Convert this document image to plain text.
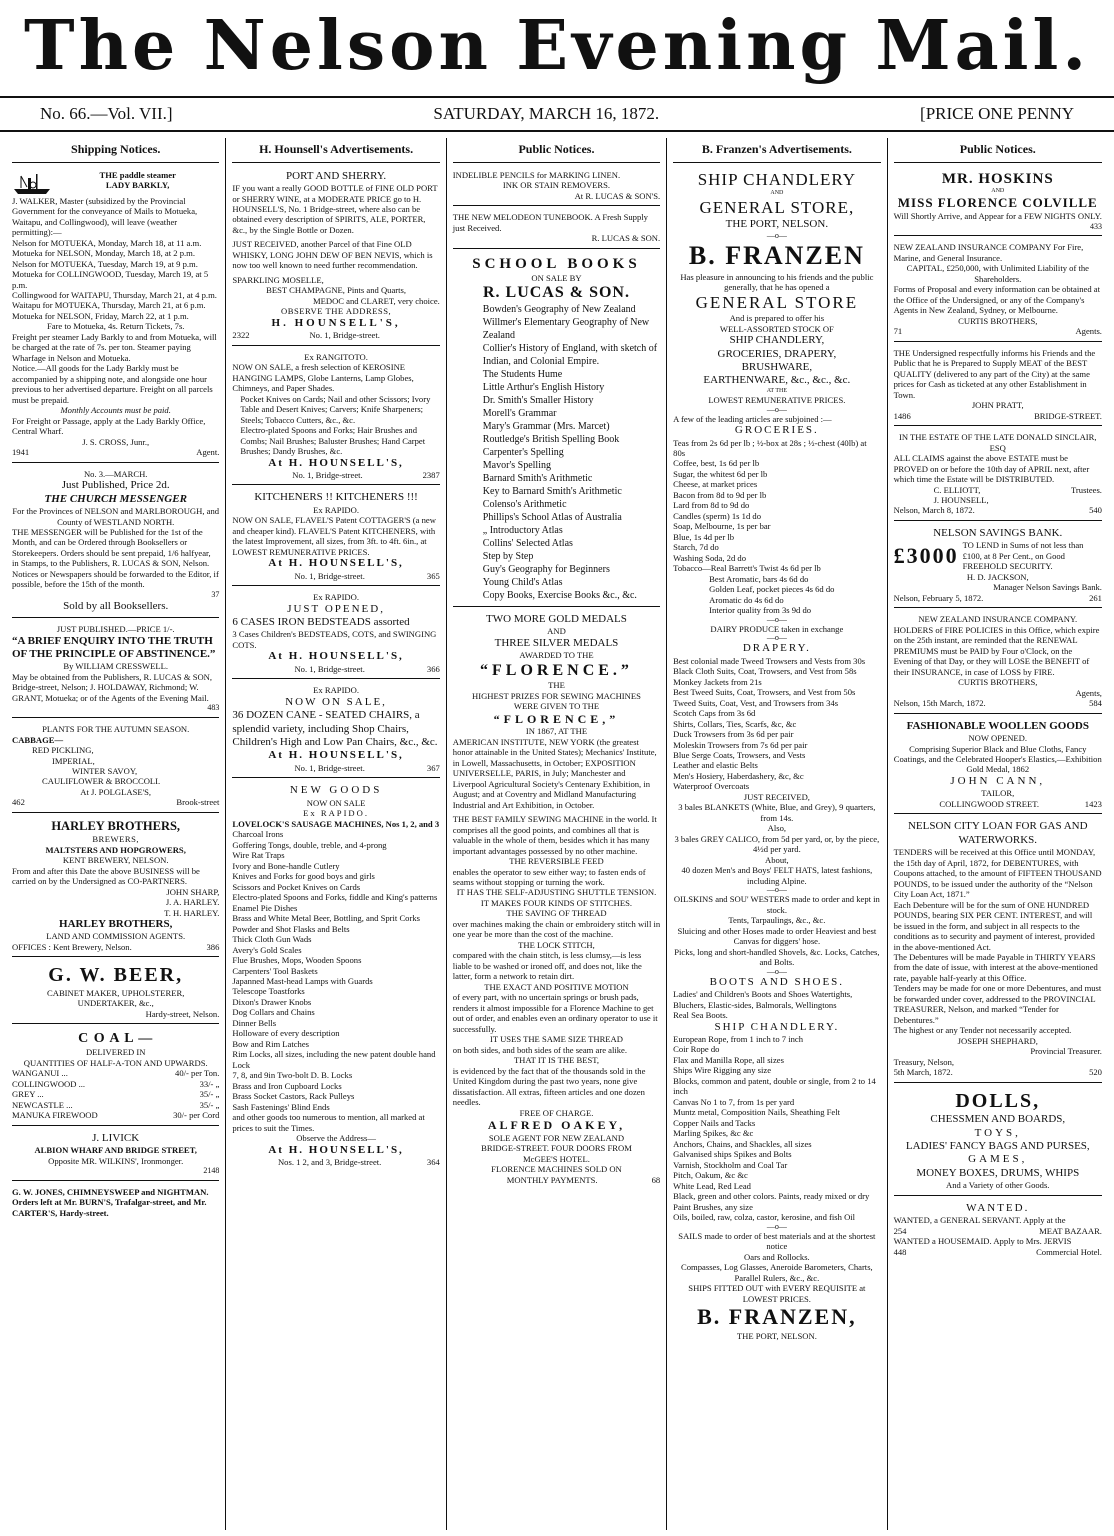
The Nelson Evening Mail.
No. 66.—Vol. VII.]	SATURDAY, MARCH 16, 1872.	[PRICE ONE PENNY
Shipping Notices.
THE paddle steamer
LADY BARKLY,
J. WALKER, Master (subsidized by the Provincial Government for the conveyance of Mails to Motueka, Waitapu, and Collingwood), will leave (weather permitting):—
Nelson for MOTUEKA, Monday, March 18, at 11 a.m.
Motueka for NELSON, Monday, March 18, at 2 p.m.
Nelson for MOTUEKA, Tuesday, March 19, at 9 p.m.
Motueka for COLLINGWOOD, Tuesday, March 19, at 5 p.m.
Collingwood for WAITAPU, Thursday, March 21, at 4 p.m.
Waitapu for MOTUEKA, Thursday, March 21, at 6 p.m.
Motueka for NELSON, Friday, March 22, at 1 p.m.
Fare to Motueka, 4s. Return Tickets, 7s.
Freight per steamer Lady Barkly to and from Motueka, will be charged at the rate of 7s. per ton. Steamer paying Wharfage in Nelson and Motueka.
Notice.—All goods for the Lady Barkly must be accompanied by a shipping note, and alongside one hour previous to her advertised departure. Freight on all parcels must be prepaid.
Monthly Accounts must be paid.
For Freight or Passage, apply at the Lady Barkly Office, Central Wharf.
J. S. CROSS, Junr.,
1941	Agent.
No. 3.—MARCH.
Just Published, Price 2d.
THE CHURCH MESSENGER
For the Provinces of NELSON and MARLBOROUGH, and County of WESTLAND NORTH.
THE MESSENGER will be Published for the 1st of the Month, and can be Ordered through Booksellers or Storekeepers. Orders should be sent prepaid, 1/6 halfyear, in Stamps, to the Publishers, R. LUCAS & SON, Nelson. Notices or Newspapers should be forwarded to the Editor, if possible, before the 15th of the month.
37
Sold by all Booksellers.
JUST PUBLISHED.—PRICE 1/-.
“A BRIEF ENQUIRY INTO THE TRUTH OF THE PRINCIPLE OF ABSTINENCE.”
By WILLIAM CRESSWELL.
May be obtained from the Publishers, R. LUCAS & SON, Bridge-street, Nelson; J. HOLDAWAY, Richmond; W. GRANT, Motueka; or of the Agents of the Evening Mail.
483
PLANTS FOR THE AUTUMN SEASON.
CABBAGE—
RED PICKLING,
IMPERIAL,
WINTER SAVOY,
CAULIFLOWER & BROCCOLI.
At J. POLGLASE'S,
462	Brook-street
HARLEY BROTHERS,
BREWERS,
MALTSTERS AND HOPGROWERS,
KENT BREWERY, NELSON.
From and after this Date the above BUSINESS will be carried on by the Undersigned as CO-PARTNERS.
JOHN SHARP,
J. A. HARLEY.
T. H. HARLEY.
HARLEY BROTHERS,
LAND AND COMMISSION AGENTS.
OFFICES : Kent Brewery, Nelson.	386
G. W. BEER,
CABINET MAKER, UPHOLSTERER,
UNDERTAKER, &c.,
Hardy-street, Nelson.
C O A L —
DELIVERED IN
QUANTITIES OF HALF-A-TON AND UPWARDS.
WANGANUI ...	40/- per Ton.
COLLINGWOOD ...	33/- „
GREY ...	35/- „
NEWCASTLE ...	35/- „
MANUKA FIREWOOD	30/- per Cord
J. LIVICK
ALBION WHARF AND BRIDGE STREET,
Opposite MR. WILKINS', Ironmonger.
2148
G. W. JONES, CHIMNEYSWEEP and NIGHTMAN. Orders left at Mr. BURN'S, Trafalgar-street, and Mr. CARTER'S, Hardy-street.
H. Hounsell's Advertisements.
PORT AND SHERRY.
IF you want a really GOOD BOTTLE of FINE OLD PORT or SHERRY WINE, at a MODERATE PRICE go to H. HOUNSELL'S, No. 1 Bridge-street, where also can be obtained every description of SPIRITS, ALE, PORTER, &c., by the Single Bottle or Dozen.
JUST RECEIVED, another Parcel of that Fine OLD WHISKY, LONG JOHN DEW OF BEN NEVIS, which is now too well known to need further recommendation.
SPARKLING MOSELLE,
BEST CHAMPAGNE, Pints and Quarts,
MEDOC and CLARET, very choice.
OBSERVE THE ADDRESS,
H. HOUNSELL'S,
2322	No. 1, Bridge-street.
Ex RANGITOTO.
NOW ON SALE, a fresh selection of KEROSINE HANGING LAMPS, Globe Lanterns, Lamp Globes, Chimneys, and Paper Shades.
Pocket Knives on Cards; Nail and other Scissors; Ivory Table and Desert Knives; Carvers; Knife Sharpeners; Steels; Tobacco Cutters, &c., &c.
Electro-plated Spoons and Forks; Hair Brushes and Combs; Nail Brushes; Baluster Brushes; Hand Carpet Brushes; Dandy Brushes, &c.
At H. HOUNSELL'S,
No. 1, Bridge-street.	2387
KITCHENERS !! KITCHENERS !!!
Ex RAPIDO.
NOW ON SALE, FLAVEL'S Patent COTTAGER'S (a new and cheaper kind). FLAVEL'S Patent KITCHENERS, with the latest Improvement, all sizes, from 3ft. to 4ft. 6in., at LOWEST REMUNERATIVE PRICES.
At H. HOUNSELL'S,
No. 1, Bridge-street.	365
Ex RAPIDO.
JUST OPENED,
6 CASES IRON BEDSTEADS assorted
3 Cases Children's BEDSTEADS, COTS, and SWINGING COTS.
At H. HOUNSELL'S,
No. 1, Bridge-street.	366
Ex RAPIDO.
NOW ON SALE,
36 DOZEN CANE - SEATED CHAIRS, a splendid variety, including Shop Chairs, Children's High and Low Pan Chairs, &c., &c.
At H. HOUNSELL'S,
No. 1, Bridge-street.	367
NEW GOODS
NOW ON SALE
Ex RAPIDO.
LOVELOCK'S SAUSAGE MACHINES, Nos 1, 2, and 3
Charcoal Irons
Goffering Tongs, double, treble, and 4-prong
Wire Rat Traps
Ivory and Bone-handle Cutlery
Knives and Forks for good boys and girls
Scissors and Pocket Knives on Cards
Electro-plated Spoons and Forks, fiddle and King's patterns
Enamel Pie Dishes
Brass and White Metal Beer, Bottling, and Sprit Corks
Powder and Shot Flasks and Belts
Thick Cloth Gun Wads
Avery's Gold Scales
Flue Brushes, Mops, Wooden Spoons
Carpenters' Tool Baskets
Japanned Mast-head Lamps with Guards
Telescope Toastforks
Dixon's Drawer Knobs
Dog Collars and Chains
Dinner Bells
Holloware of every description
Bow and Rim Latches
Rim Locks, all sizes, including the new patent double hand Lock
7, 8, and 9in Two-bolt D. B. Locks
Brass and Iron Cupboard Locks
Brass Socket Castors, Rack Pulleys
Sash Fastenings' Blind Ends
and other goods too numerous to mention, all marked at prices to suit the Times.
Observe the Address—
At H. HOUNSELL'S,
Nos. 1 2, and 3, Bridge-street.	364
Public Notices.
INDELIBLE PENCILS for MARKING LINEN.
INK OR STAIN REMOVERS.
At R. LUCAS & SON'S.
THE NEW MELODEON TUNEBOOK. A Fresh Supply just Received.
R. LUCAS & SON.
SCHOOL BOOKS
ON SALE BY
R. LUCAS & SON.
Bowden's Geography of New Zealand
Willmer's Elementary Geography of New Zealand
Collier's History of England, with sketch of Indian, and Colonial Empire.
The Students Hume
Little Arthur's English History
Dr. Smith's Smaller History
Morell's Grammar
Mary's Grammar (Mrs. Marcet)
Routledge's British Spelling Book
Carpenter's Spelling
Mavor's Spelling
Barnard Smith's Arithmetic
Key to Barnard Smith's Arithmetic
Colenso's Arithmetic
Phillips's School Atlas of Australia
„ Introductory Atlas
Collins' Selected Atlas
Step by Step
Guy's Geography for Beginners
Young Child's Atlas
Copy Books, Exercise Books &c., &c.
TWO MORE GOLD MEDALS
AND
THREE SILVER MEDALS
AWARDED TO THE
“FLORENCE.”
THE
HIGHEST PRIZES FOR SEWING MACHINES
WERE GIVEN TO THE
“FLORENCE,”
IN 1867, AT THE
AMERICAN INSTITUTE, NEW YORK (the greatest honor attainable in the United States); Mechanics' Institute, in Lowell, Massachusetts, in October; EXPOSITION UNIVERSELLE, PARIS, in July; Manchester and Liverpool Agricultural Society's Centenary Exhibition, in August; and at Coventry and Midland Manufacturing Industrial and Art Exhibition, in October.
THE BEST FAMILY SEWING MACHINE in the world. It comprises all the good points, and combines all that is valuable in the whole of them, besides which it has many important advantages possessed by no other machine.
THE REVERSIBLE FEED
enables the operator to sew either way; to fasten ends of seams without stopping or turning the work.
IT HAS THE SELF-ADJUSTING SHUTTLE TENSION.
IT MAKES FOUR KINDS OF STITCHES.
THE SAVING OF THREAD
over machines making the chain or embroidery stitch will in one year be more than the cost of the machine.
THE LOCK STITCH,
compared with the chain stitch, is less clumsy,—is less liable to be washed or ironed off, and does not, like the latter, form a network to retain dirt.
THE EXACT AND POSITIVE MOTION
of every part, with no uncertain springs or brush pads, renders it almost impossible for a Florence Machine to get out of order, and enables even an ordinary operator to use it successfully.
IT USES THE SAME SIZE THREAD
on both sides, and both sides of the seam are alike.
THAT IT IS THE BEST,
is evidenced by the fact that of the thousands sold in the United Kingdom during the past two years, none give dissatisfaction. All extras, fifteen articles and one dozen needles.
FREE OF CHARGE.
ALFRED OAKEY,
SOLE AGENT FOR NEW ZEALAND
BRIDGE-STREET. FOUR DOORS FROM
McGEE'S HOTEL.
FLORENCE MACHINES SOLD ON
MONTHLY PAYMENTS.	68
B. Franzen's Advertisements.
SHIP CHANDLERY
AND
GENERAL STORE,
THE PORT, NELSON.
—o—
B. FRANZEN
Has pleasure in announcing to his friends and the public generally, that he has opened a
GENERAL STORE
And is prepared to offer his
WELL-ASSORTED STOCK OF
SHIP CHANDLERY,
GROCERIES, DRAPERY,
BRUSHWARE,
EARTHENWARE, &c., &c., &c.
AT THE
LOWEST REMUNERATIVE PRICES.
—o—
A few of the leading articles are subjoined :—
GROCERIES.
Teas from 2s 6d per lb ; ½-box at 28s ; ½-chest (40lb) at 80s
Coffee, best, 1s 6d per lb
Sugar, the whitest 6d per lb
Cheese, at market prices
Bacon from 8d to 9d per lb
Lard from 8d to 9d do
Candles (sperm) 1s 1d do
Soap, Melbourne, 1s per bar
Blue, 1s 4d per lb
Starch, 7d do
Washing Soda, 2d do
Tobacco—Real Barrett's Twist 4s 6d per lb
Best Aromatic, bars 4s 6d do
Golden Leaf, pocket pieces 4s 6d do
Aromatic do 4s 6d do
Interior quality from 3s 9d do
—o—
DAIRY PRODUCE taken in exchange
—o—
DRAPERY.
Best colonial made Tweed Trowsers and Vests from 30s
Black Cloth Suits, Coat, Trowsers, and Vest from 58s
Monkey Jackets from 21s
Best Tweed Suits, Coat, Trowsers, and Vest from 50s
Tweed Suits, Coat, Vest, and Trowsers from 34s
Scotch Caps from 3s 6d
Shirts, Collars, Ties, Scarfs, &c, &c
Duck Trowsers from 3s 6d per pair
Moleskin Trowsers from 7s 6d per pair
Blue Serge Coats, Trowsers, and Vests
Leather and elastic Belts
Men's Hosiery, Haberdashery, &c, &c
Waterproof Overcoats
JUST RECEIVED,
3 bales BLANKETS (White, Blue, and Grey), 9 quarters, from 14s.
Also,
3 bales GREY CALICO, from 5d per yard, or, by the piece, 4½d per yard.
About,
40 dozen Men's and Boys' FELT HATS, latest fashions, including Alpine.
—o—
OILSKINS and SOU' WESTERS made to order and kept in stock.
Tents, Tarpaulings, &c., &c.
Sluicing and other Hoses made to order Heaviest and best Canvas for diggers' hose.
Picks, long and short-handled Shovels, &c. Locks, Catches, and Bolts.
—o—
BOOTS AND SHOES.
Ladies' and Children's Boots and Shoes Watertights, Bluchers, Elastic-sides, Balmorals, Wellingtons
Real Sea Boots.
SHIP CHANDLERY.
European Rope, from 1 inch to 7 inch
Coir Rope do
Flax and Manilla Rope, all sizes
Ships Wire Rigging any size
Blocks, common and patent, double or single, from 2 to 14 inch
Canvas No 1 to 7, from 1s per yard
Muntz metal, Composition Nails, Sheathing Felt
Copper Nails and Tacks
Marling Spikes, &c &c
Anchors, Chains, and Shackles, all sizes
Galvanised ships Spikes and Bolts
Varnish, Stockholm and Coal Tar
Pitch, Oakum, &c &c
White Lead, Red Lead
Black, green and other colors. Paints, ready mixed or dry
Paint Brushes, any size
Oils, boiled, raw, colza, castor, kerosine, and fish Oil
—o—
SAILS made to order of best materials and at the shortest notice
Oars and Rollocks.
Compasses, Log Glasses, Aneroide Barometers, Charts, Parallel Rulers, &c., &c.
SHIPS FITTED OUT with EVERY REQUISITE at LOWEST PRICES.
B. FRANZEN,
THE PORT, NELSON.
Public Notices.
MR. HOSKINS
AND
MISS FLORENCE COLVILLE
Will Shortly Arrive, and Appear for a FEW NIGHTS ONLY.
433
NEW ZEALAND INSURANCE COMPANY For Fire, Marine, and General Insurance.
CAPITAL, £250,000, with Unlimited Liability of the Shareholders.
Forms of Proposal and every information can be obtained at the Office of the Undersigned, or any of the Company's Agents in New Zealand, Sydney, or Melbourne.
CURTIS BROTHERS,
71	Agents.
THE Undersigned respectfully informs his Friends and the Public that he is Prepared to Supply MEAT of the BEST QUALITY (delivered to any part of the City) at the same prices for Cash as ticketed at any other Establishment in Town.
JOHN PRATT,
1486	BRIDGE-STREET.
IN THE ESTATE OF THE LATE DONALD SINCLAIR, ESQ
ALL CLAIMS against the above ESTATE must be PROVED on or before the 10th day of APRIL next, after which time the Estate will be DISTRIBUTED.
C. ELLIOTT,
J. HOUNSELL,
Trustees.
Nelson, March 8, 1872.	540
NELSON SAVINGS BANK.
£3000 TO LEND in Sums of not less than £100, at 8 Per Cent., on Good FREEHOLD SECURITY.
H. D. JACKSON,
Manager Nelson Savings Bank.
Nelson, February 5, 1872.	261
NEW ZEALAND INSURANCE COMPANY.
HOLDERS of FIRE POLICIES in this Office, which expire on the 25th instant, are reminded that the RENEWAL PREMIUMS must be PAID by Four o'Clock, on the Evening of that Day, or they will LOSE the BENEFIT of their INSURANCE, in case of LOSS by FIRE.
CURTIS BROTHERS,
Agents,
Nelson, 15th March, 1872.	584
FASHIONABLE WOOLLEN GOODS
NOW OPENED.
Comprising Superior Black and Blue Cloths, Fancy Coatings, and the Celebrated Hooper's Elastics,—Exhibition Gold Medal, 1862
JOHN CANN,
TAILOR,
COLLINGWOOD STREET.	1423
NELSON CITY LOAN FOR GAS AND WATERWORKS.
TENDERS will be received at this Office until MONDAY, the 15th day of April, 1872, for DEBENTURES, with Coupons attached, to the amount of FIFTEEN THOUSAND POUNDS, to be issued under the authority of the “Nelson City Loan Act, 1871.”
Each Debenture will be for the sum of ONE HUNDRED POUNDS, bearing SIX PER CENT. INTEREST, and will be issued in the form, and subject in all respects to the conditions as to security and payment of interest, provided in the above-mentioned Act.
The Debentures will be made Payable in THIRTY YEARS from the date of issue, with interest at the above-mentioned rate, payable half-yearly at this Office.
Tenders may be made for one or more Debentures, and must be forwarded under cover, addressed to the PROVINCIAL TREASURER, Nelson, and marked “Tender for Debentures.”
The highest or any Tender not necessarily accepted.
JOSEPH SHEPHARD,
Provincial Treasurer.
Treasury, Nelson,
5th March, 1872.	520
DOLLS,
CHESSMEN AND BOARDS,
TOYS,
LADIES' FANCY BAGS AND PURSES,
GAMES,
MONEY BOXES, DRUMS, WHIPS
And a Variety of other Goods.
WANTED.
WANTED, a GENERAL SERVANT. Apply at the
254	MEAT BAZAAR.
WANTED a HOUSEMAID. Apply to Mrs. JERVIS
448	Commercial Hotel.
